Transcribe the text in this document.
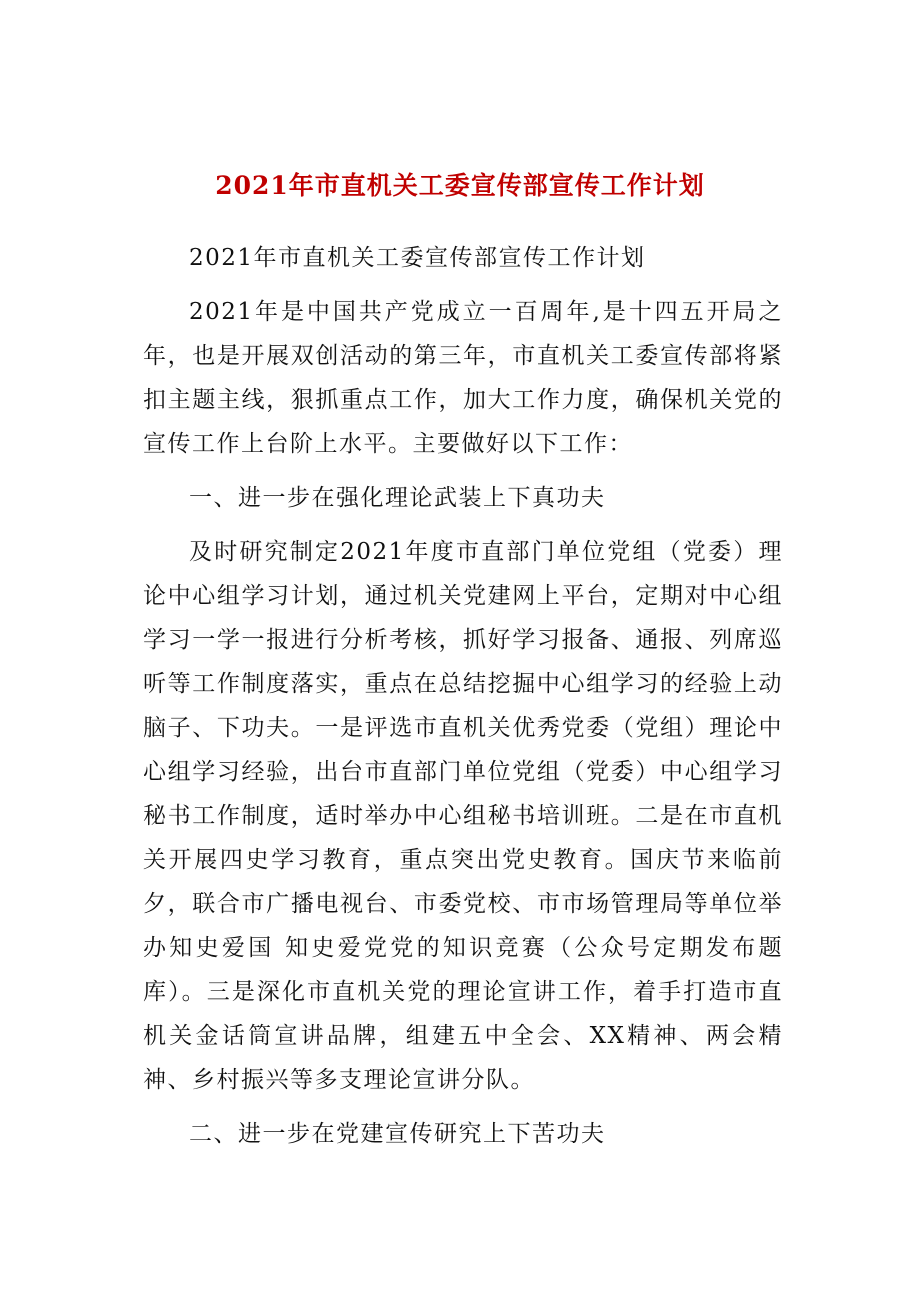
2021年市直机关工委宣传部宣传工作计划

2021年市直机关工委宣传部宣传工作计划

2021年是中国共产党成立一百周年,是十四五开局之年，也是开展双创活动的第三年，市直机关工委宣传部将紧扣主题主线，狠抓重点工作，加大工作力度，确保机关党的宣传工作上台阶上水平。主要做好以下工作：

一、进一步在强化理论武装上下真功夫

及时研究制定2021年度市直部门单位党组（党委）理论中心组学习计划，通过机关党建网上平台，定期对中心组学习一学一报进行分析考核，抓好学习报备、通报、列席巡听等工作制度落实，重点在总结挖掘中心组学习的经验上动脑子、下功夫。一是评选市直机关优秀党委（党组）理论中心组学习经验，出台市直部门单位党组（党委）中心组学习秘书工作制度，适时举办中心组秘书培训班。二是在市直机关开展四史学习教育，重点突出党史教育。国庆节来临前夕，联合市广播电视台、市委党校、市市场管理局等单位举办知史爱国 知史爱党党的知识竞赛（公众号定期发布题库）。三是深化市直机关党的理论宣讲工作，着手打造市直机关金话筒宣讲品牌，组建五中全会、XX精神、两会精神、乡村振兴等多支理论宣讲分队。

二、进一步在党建宣传研究上下苦功夫
